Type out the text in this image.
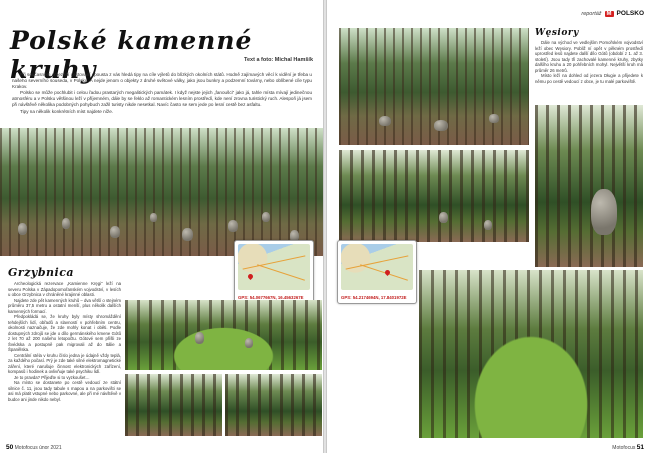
Polské kamenné kruhy	Text a foto: Michal Hamšík

Při současném omezení cestování spousta z vás hledá tipy na cíle výletů do blízkých okolních států. Hodně zajímavých věcí k vidění je třeba u našeho severního souseda, v Polsku. A nejde jenom o objekty z druhé světové války, jako jsou bunkry a podzemní továrny, nebo oblíbené cíle typu Krakov.

Polsko se může pochlubit i celou řadou prastarých megalitických památek. I když nejste jejich „fanoušci“ jako já, tahle místa mívají jedinečnou atmosféru a v Polsku většinou leží v příjemném, dále by se řeklo až romantickém lesním prostředí, kde není zrovna turistický ruch. Alespoň já jsem při návštěvě několika podobných pohybuch zažil turisty nikde nesetkal. Navíc často se sem jede po lesní cestě bez asfaltu.

Tipy na několik konkrétních míst najdete níže.

GPS: 54.0677667N, 16.4563267E
Grzybnica

Archeologická rezervace „Kamienne Kręgi“ leží na severu Polska v Západopomořanském vojvodství, v lesích u obce Grzybnica v chráněné krajinné oblasti.

Najdete zde pět kamenných kruhů – dva větší o stejném průměru 37,5 metru a ostatní menší, plus několik dalších kamenných formací.

Předpokládá se, že kruhy byly místy shromáždění tehdejších lidí, obřadů a slavností v pohřebním centru, okolnosti naznačuje, že zde mohly konat i oběti. Podle dostupných zdrojů se jde o dílo germánského kmene Gótů z let 70 až 200 našeho letopočtu. Gótové sem přišli ze Švédska a postupně pak migrovali až do Itálie a Španělska.

Centrální stéla v kruhu číslo jedna je údajně vždy teplá, za každého počasí. Prý je zde také silné elektromagnetické záření, které narušuje činnost elektronických zařízení, kompasů i hodinek a ovlivňuje také psychiku lidí.

Je to pravda? Přijeďte si to vyzkoušet…

Na místo se dostanete po cestě vedoucí ze státní silnice č. 11, jsou tady tabule s mapou a na parkovišti se asi má platit vstupné nebo parkovné, ale při mé návštěvě v budce ani jinde nikdo nebyl.

50 Motofocus únor 2021
reportáž M POLSKO
Węsiory

Dále na východ ve vedlejším Pomořském vojvodství leží obec Węsiory. Pobliž ní opět v pěkném prostředí uprostřed lesů najdete další dílo Gótů (období z 1. až 3. století). Jsou tady tři zachovalé kamenné kruhy, zbytky dalšího kruhu a 20 pohřebních mohyl. Největší kruh má průměr 26 metrů.

Místo leží na dohled od jezera Długie a přijedete k němu po cestě vedoucí z obce, je tu malé parkoviště.

GPS: 54.2174694N, 17.8401972E
Motofocus 51
